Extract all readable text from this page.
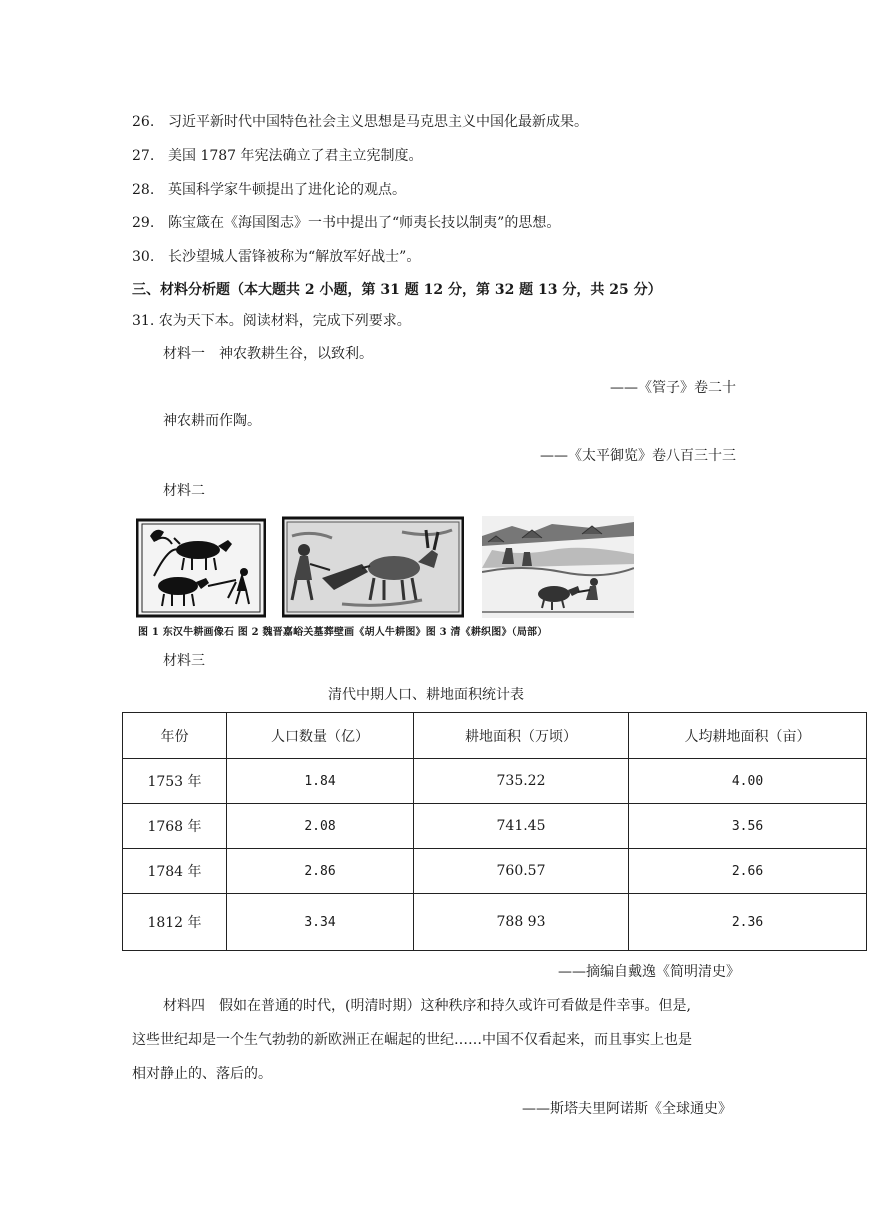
26. 习近平新时代中国特色社会主义思想是马克思主义中国化最新成果。
27. 美国 1787 年宪法确立了君主立宪制度。
28. 英国科学家牛顿提出了进化论的观点。
29. 陈宝箴在《海国图志》一书中提出了“师夷长技以制夷”的思想。
30. 长沙望城人雷锋被称为“解放军好战士”。
三、材料分析题（本大题共 2 小题，第 31 题 12 分，第 32 题 13 分，共 25 分）
31. 农为天下本。阅读材料，完成下列要求。
材料一 神农教耕生谷，以致利。
——《管子》卷二十
神农耕而作陶。
——《太平御览》卷八百三十三
材料二
图 1 东汉牛耕画像石 图 2 魏晋嘉峪关墓葬壁画《胡人牛耕图》图 3 清《耕织图》（局部）
材料三
清代中期人口、耕地面积统计表
年份	人口数量（亿）	耕地面积（万顷）	人均耕地面积（亩）
1753 年	1.84	735.22	4.00
1768 年	2.08	741.45	3.56
1784 年	2.86	760.57	2.66
1812 年	3.34	788 93	2.36
——摘编自戴逸《简明清史》
材料四 假如在普通的时代，(明清时期）这种秩序和持久或许可看做是件幸事。但是,
这些世纪却是一个生气勃勃的新欧洲正在崛起的世纪……中国不仅看起来，而且事实上也是
相对静止的、落后的。
——斯塔夫里阿诺斯《全球通史》
